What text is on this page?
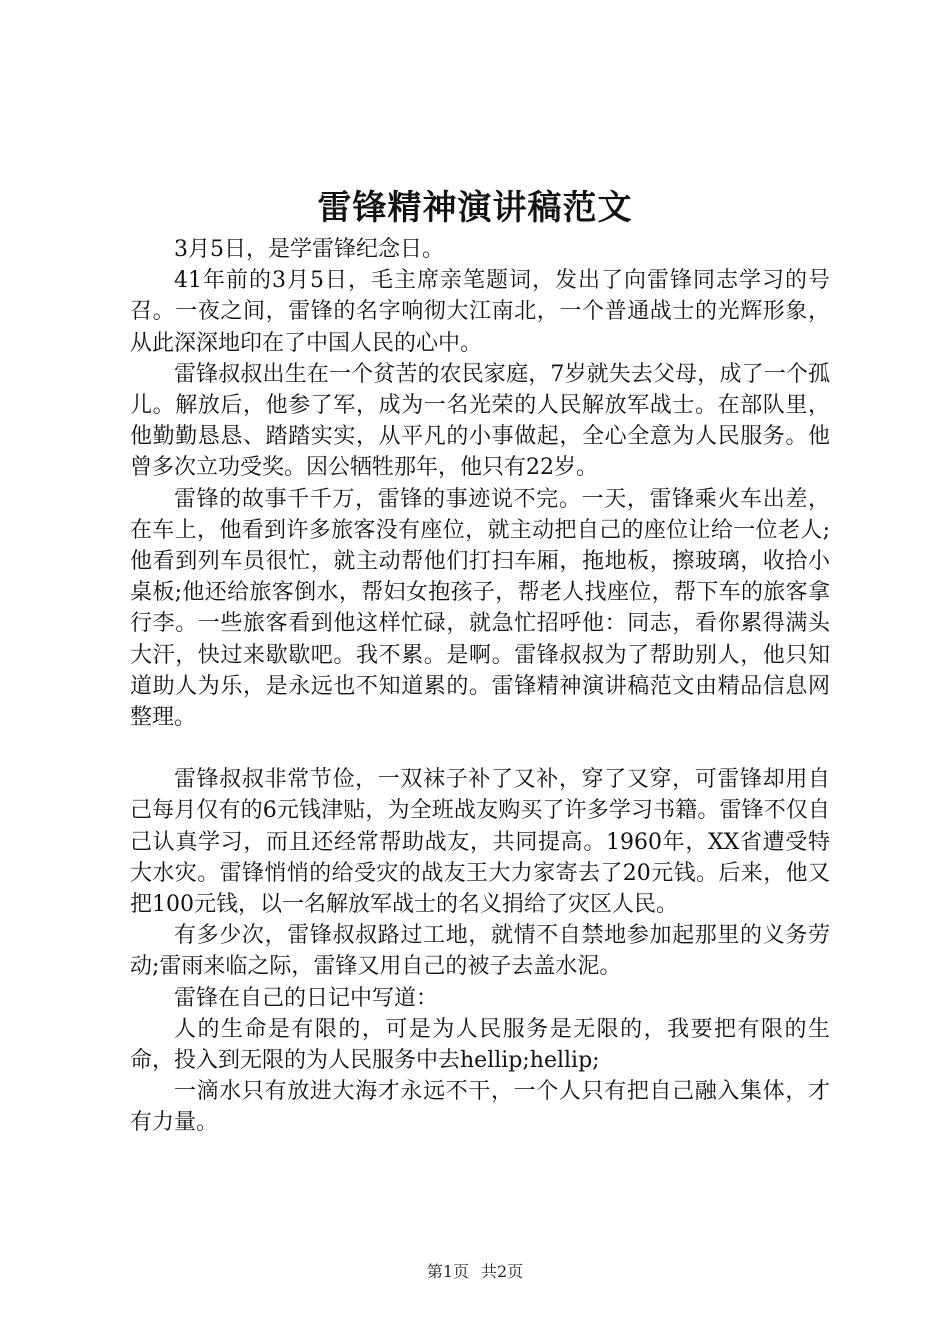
雷锋精神演讲稿范文

3月5日，是学雷锋纪念日。

41年前的3月5日，毛主席亲笔题词，发出了向雷锋同志学习的号召。一夜之间，雷锋的名字响彻大江南北，一个普通战士的光辉形象，从此深深地印在了中国人民的心中。

雷锋叔叔出生在一个贫苦的农民家庭，7岁就失去父母，成了一个孤儿。解放后，他参了军，成为一名光荣的人民解放军战士。在部队里，他勤勤恳恳、踏踏实实，从平凡的小事做起，全心全意为人民服务。他曾多次立功受奖。因公牺牲那年，他只有22岁。

雷锋的故事千千万，雷锋的事迹说不完。一天，雷锋乘火车出差，在车上，他看到许多旅客没有座位，就主动把自己的座位让给一位老人;他看到列车员很忙，就主动帮他们打扫车厢，拖地板，擦玻璃，收拾小桌板;他还给旅客倒水，帮妇女抱孩子，帮老人找座位，帮下车的旅客拿行李。一些旅客看到他这样忙碌，就急忙招呼他：同志，看你累得满头大汗，快过来歇歇吧。我不累。是啊。雷锋叔叔为了帮助别人，他只知道助人为乐，是永远也不知道累的。雷锋精神演讲稿范文由精品信息网整理。

雷锋叔叔非常节俭，一双袜子补了又补，穿了又穿，可雷锋却用自己每月仅有的6元钱津贴，为全班战友购买了许多学习书籍。雷锋不仅自己认真学习，而且还经常帮助战友，共同提高。1960年，XX省遭受特大水灾。雷锋悄悄的给受灾的战友王大力家寄去了20元钱。后来，他又把100元钱，以一名解放军战士的名义捐给了灾区人民。

有多少次，雷锋叔叔路过工地，就情不自禁地参加起那里的义务劳动;雷雨来临之际，雷锋又用自己的被子去盖水泥。

雷锋在自己的日记中写道：

人的生命是有限的，可是为人民服务是无限的，我要把有限的生命，投入到无限的为人民服务中去hellip;hellip;

一滴水只有放进大海才永远不干，一个人只有把自己融入集体，才有力量。

第1页 共2页
